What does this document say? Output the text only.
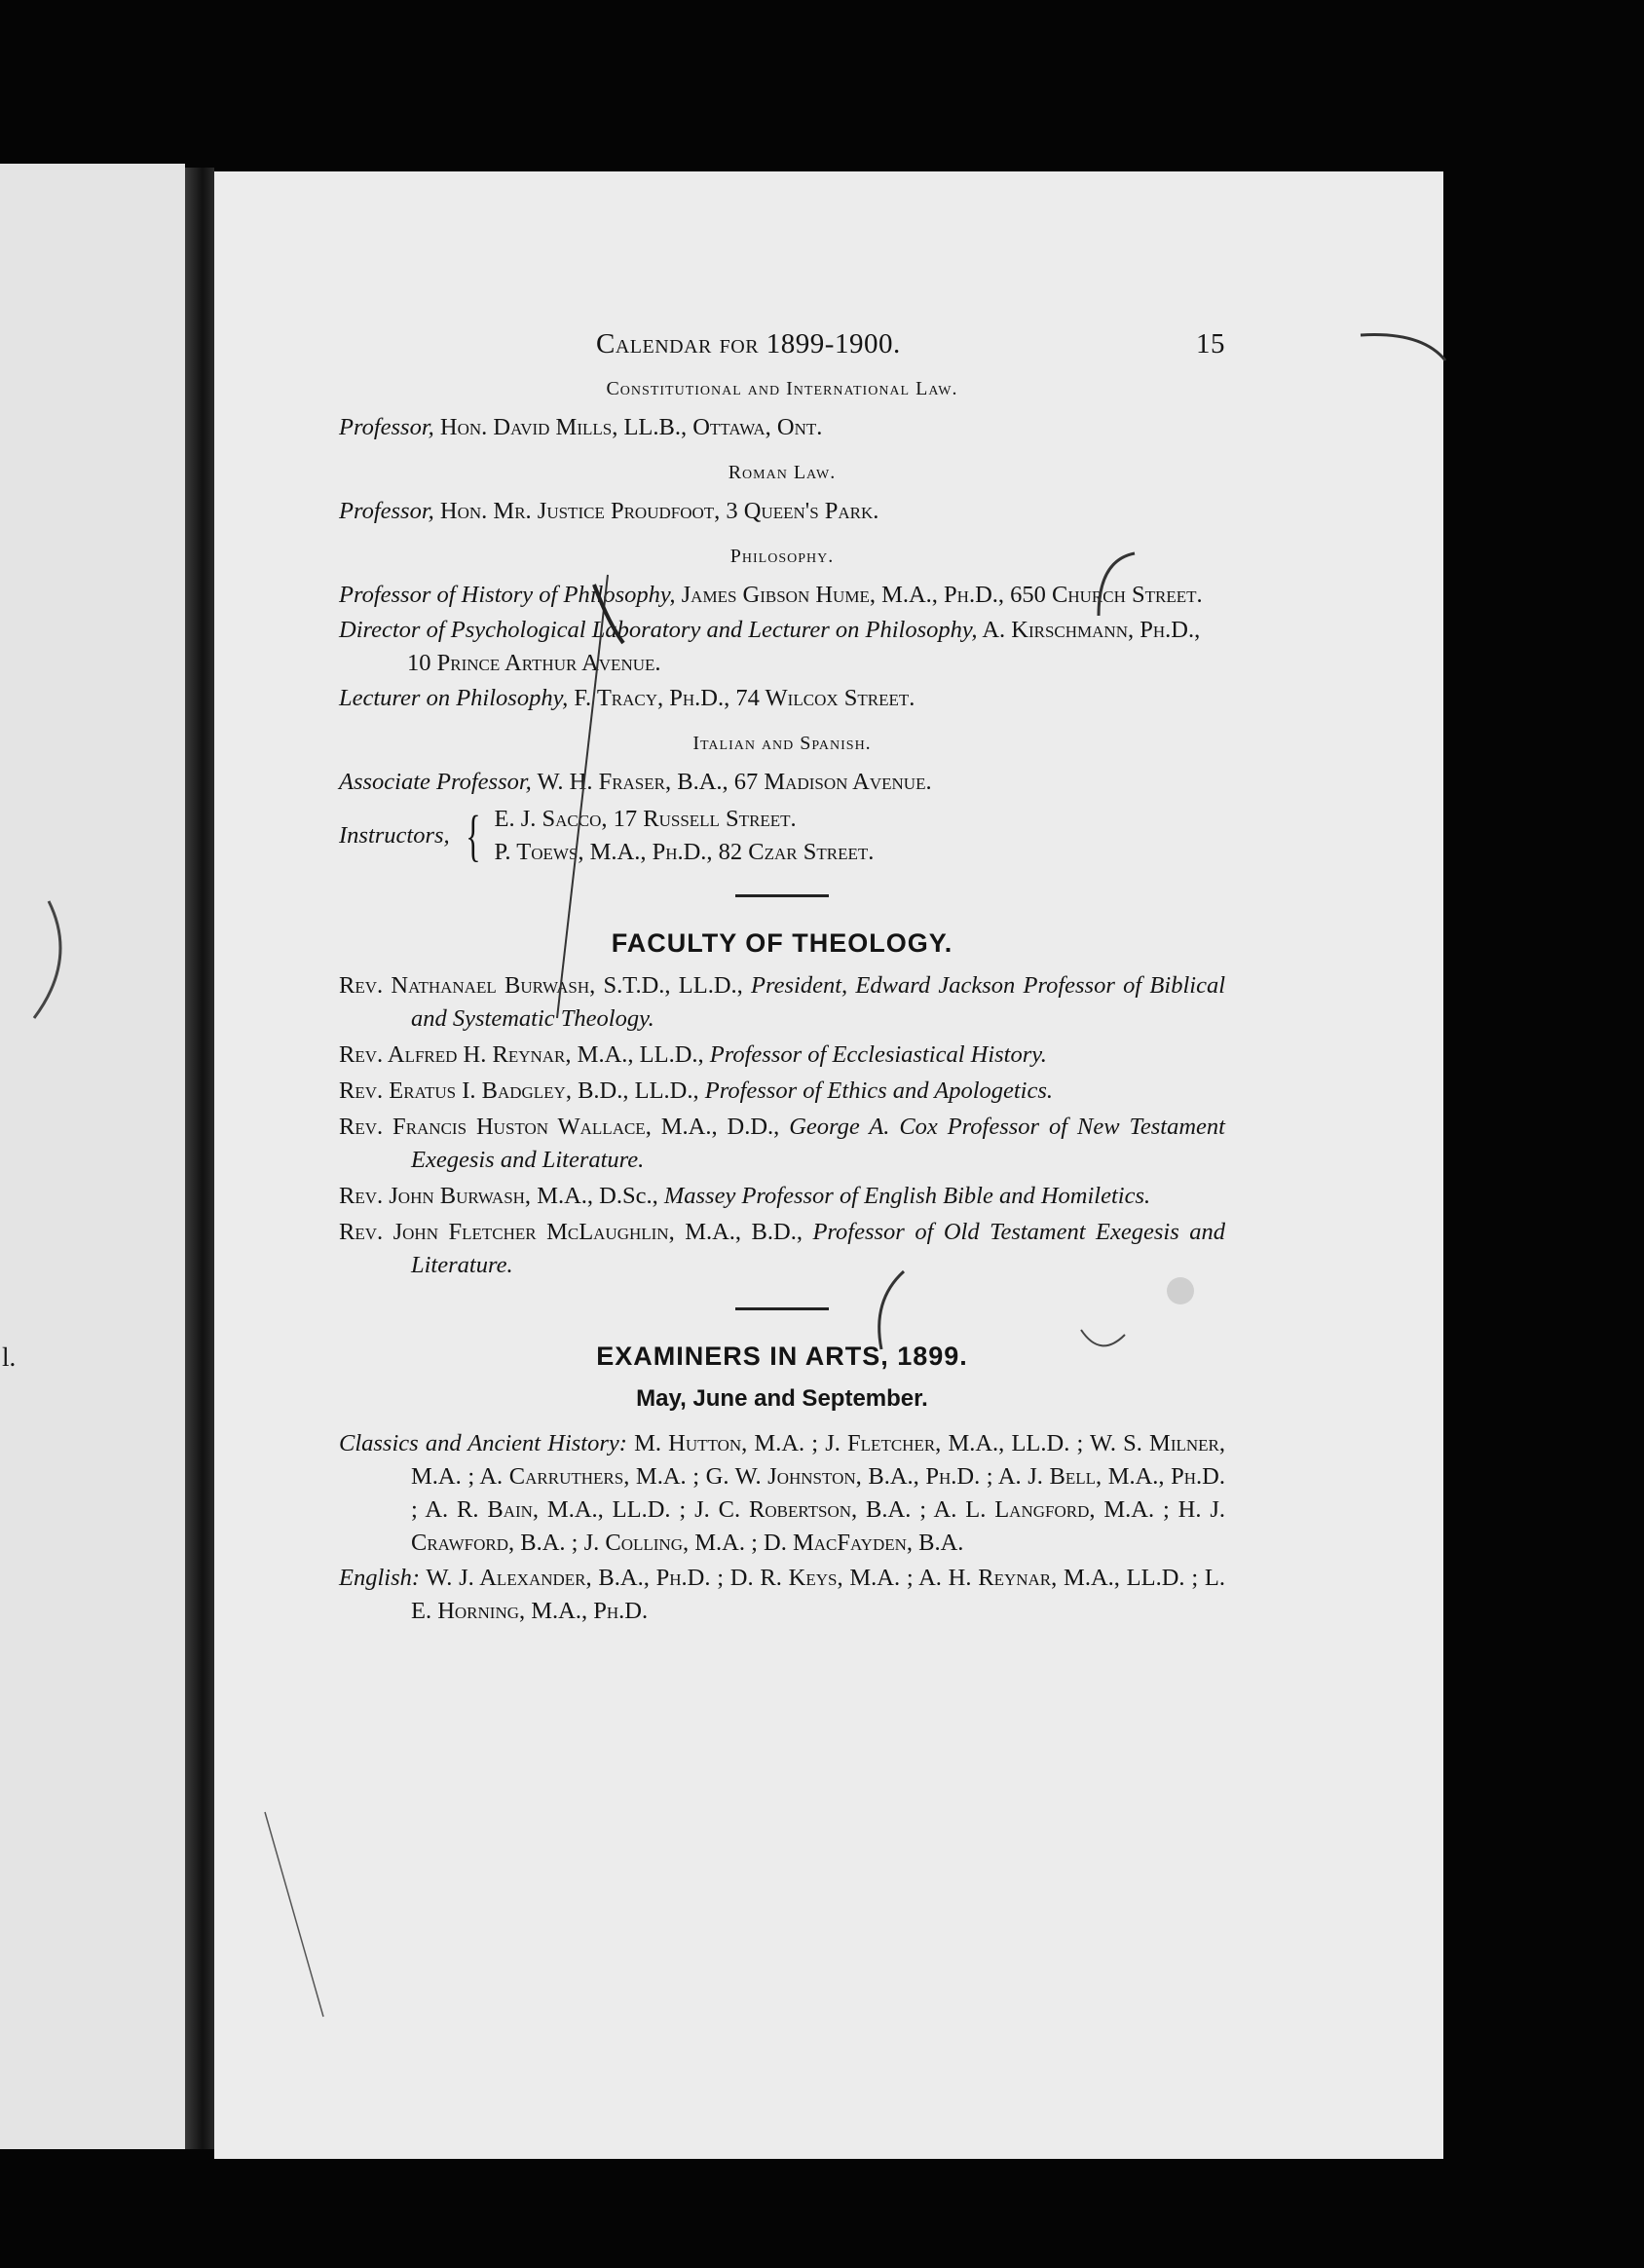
l.
Calendar for 1899-1900.	15
Constitutional and International Law.
Professor, Hon. David Mills, LL.B., Ottawa, Ont.
Roman Law.
Professor, Hon. Mr. Justice Proudfoot, 3 Queen's Park.
Philosophy.
Professor of History of Philosophy, James Gibson Hume, M.A., Ph.D., 650 Church Street.
Director of Psychological Laboratory and Lecturer on Philosophy, A. Kirschmann, Ph.D., 10 Prince Arthur Avenue.
Lecturer on Philosophy, F. Tracy, Ph.D., 74 Wilcox Street.
Italian and Spanish.
Associate Professor, W. H. Fraser, B.A., 67 Madison Avenue.
Instructors, { E. J. Sacco, 17 Russell Street.
P. Toews, M.A., Ph.D., 82 Czar Street.
FACULTY OF THEOLOGY.
Rev. Nathanael Burwash, S.T.D., LL.D., President, Edward Jackson Professor of Biblical and Systematic Theology.
Rev. Alfred H. Reynar, M.A., LL.D., Professor of Ecclesiastical History.
Rev. Eratus I. Badgley, B.D., LL.D., Professor of Ethics and Apologetics.
Rev. Francis Huston Wallace, M.A., D.D., George A. Cox Professor of New Testament Exegesis and Literature.
Rev. John Burwash, M.A., D.Sc., Massey Professor of English Bible and Homiletics.
Rev. John Fletcher McLaughlin, M.A., B.D., Professor of Old Testament Exegesis and Literature.
EXAMINERS IN ARTS, 1899.
May, June and September.
Classics and Ancient History: M. Hutton, M.A. ; J. Fletcher, M.A., LL.D. ; W. S. Milner, M.A. ; A. Carruthers, M.A. ; G. W. Johnston, B.A., Ph.D. ; A. J. Bell, M.A., Ph.D. ; A. R. Bain, M.A., LL.D. ; J. C. Robertson, B.A. ; A. L. Langford, M.A. ; H. J. Crawford, B.A. ; J. Colling, M.A. ; D. MacFayden, B.A.
English: W. J. Alexander, B.A., Ph.D. ; D. R. Keys, M.A. ; A. H. Reynar, M.A., LL.D. ; L. E. Horning, M.A., Ph.D.
